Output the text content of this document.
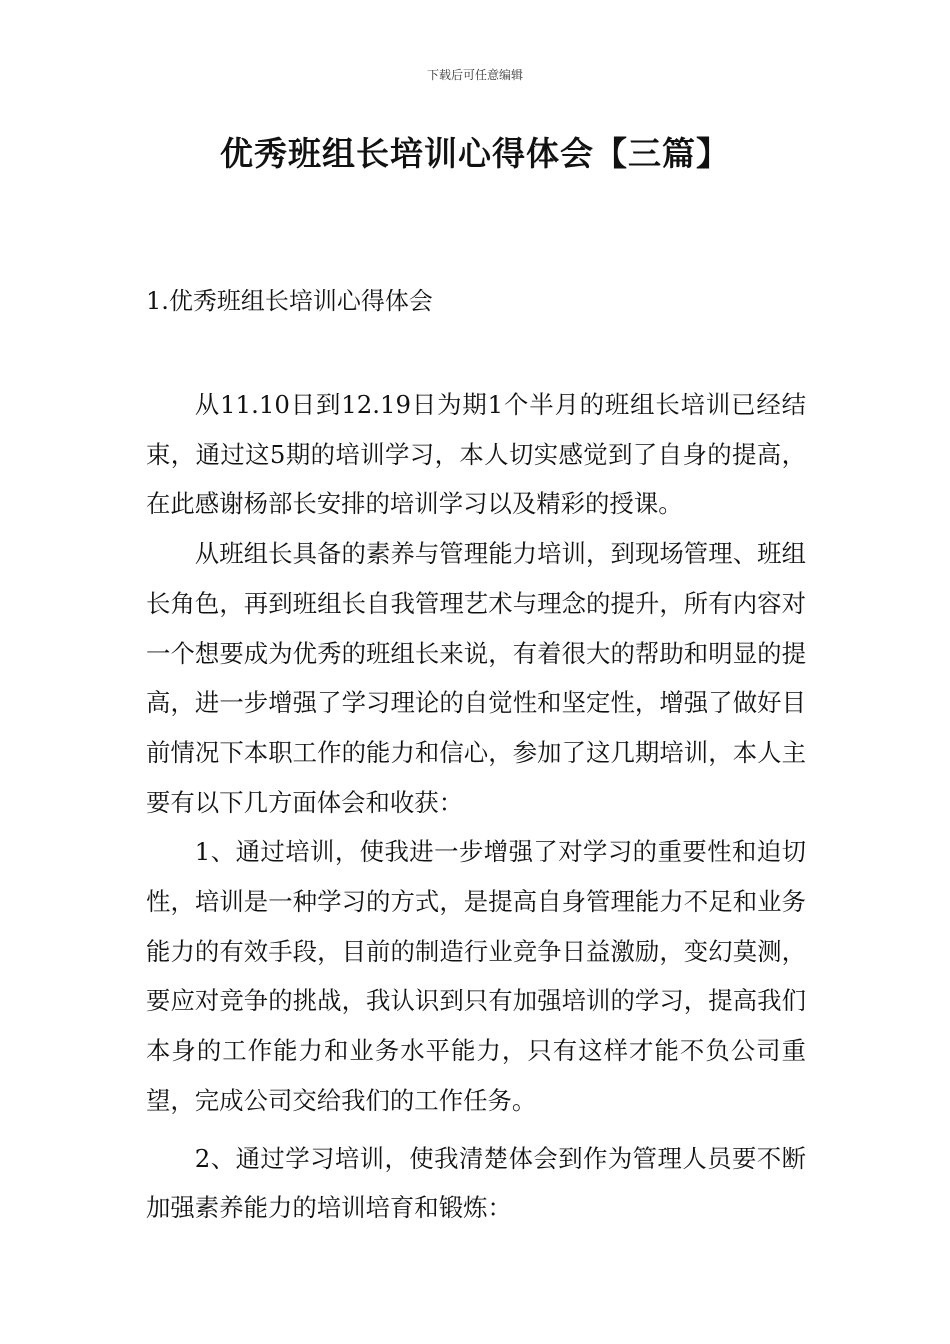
下载后可任意编辑
优秀班组长培训心得体会【三篇】
1.优秀班组长培训心得体会

从11.10日到12.19日为期1个半月的班组长培训已经结束，通过这5期的培训学习，本人切实感觉到了自身的提高，在此感谢杨部长安排的培训学习以及精彩的授课。

从班组长具备的素养与管理能力培训，到现场管理、班组长角色，再到班组长自我管理艺术与理念的提升，所有内容对一个想要成为优秀的班组长来说，有着很大的帮助和明显的提高，进一步增强了学习理论的自觉性和坚定性，增强了做好目前情况下本职工作的能力和信心，参加了这几期培训，本人主要有以下几方面体会和收获：

1、通过培训，使我进一步增强了对学习的重要性和迫切性，培训是一种学习的方式，是提高自身管理能力不足和业务能力的有效手段，目前的制造行业竞争日益激励，变幻莫测，要应对竞争的挑战，我认识到只有加强培训的学习，提高我们本身的工作能力和业务水平能力，只有这样才能不负公司重望，完成公司交给我们的工作任务。

2、通过学习培训，使我清楚体会到作为管理人员要不断加强素养能力的培训培育和锻炼：
